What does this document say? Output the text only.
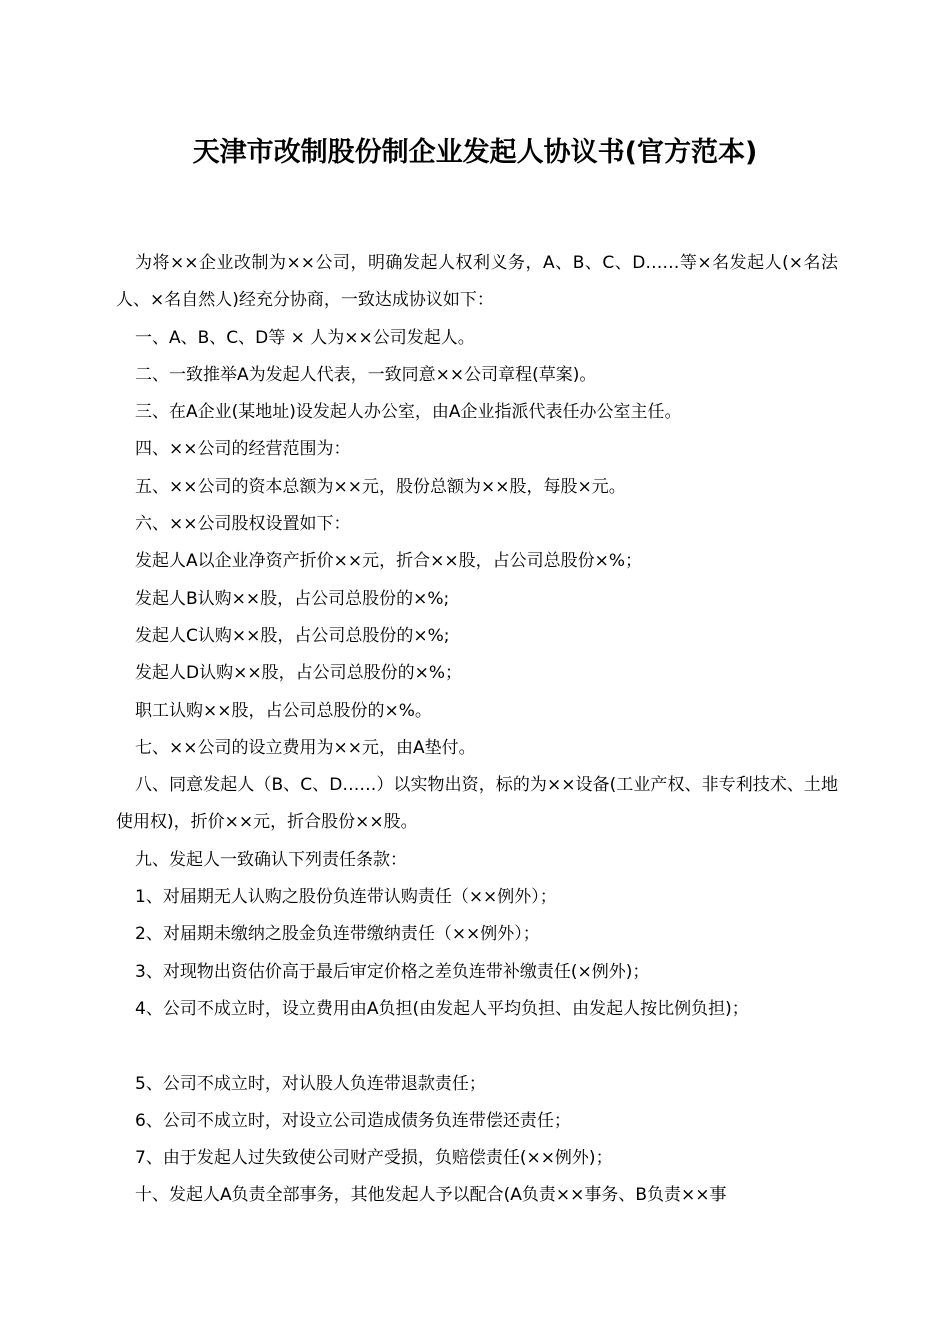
天津市改制股份制企业发起人协议书(官方范本)

为将××企业改制为××公司，明确发起人权利义务，A、B、C、D……等×名发起人(×名法人、×名自然人)经充分协商，一致达成协议如下：

一、A、B、C、D等 × 人为××公司发起人。

二、一致推举A为发起人代表，一致同意××公司章程(草案)。

三、在A企业(某地址)设发起人办公室，由A企业指派代表任办公室主任。

四、××公司的经营范围为：

五、××公司的资本总额为××元，股份总额为××股，每股×元。

六、××公司股权设置如下：

发起人A以企业净资产折价××元，折合××股，占公司总股份×%；

发起人B认购××股，占公司总股份的×%;

发起人C认购××股，占公司总股份的×%;

发起人D认购××股，占公司总股份的×%；

职工认购××股，占公司总股份的×%。

七、××公司的设立费用为××元，由A垫付。

八、同意发起人（B、C、D……）以实物出资，标的为××设备(工业产权、非专利技术、土地使用权)，折价××元，折合股份××股。

九、发起人一致确认下列责任条款：

1、对届期无人认购之股份负连带认购责任（××例外）；

2、对届期未缴纳之股金负连带缴纳责任（××例外）；

3、对现物出资估价高于最后审定价格之差负连带补缴责任(×例外)；

4、公司不成立时，设立费用由A负担(由发起人平均负担、由发起人按比例负担)；

5、公司不成立时，对认股人负连带退款责任；

6、公司不成立时，对设立公司造成债务负连带偿还责任；

7、由于发起人过失致使公司财产受损，负赔偿责任(××例外)；

十、发起人A负责全部事务，其他发起人予以配合(A负责××事务、B负责××事
